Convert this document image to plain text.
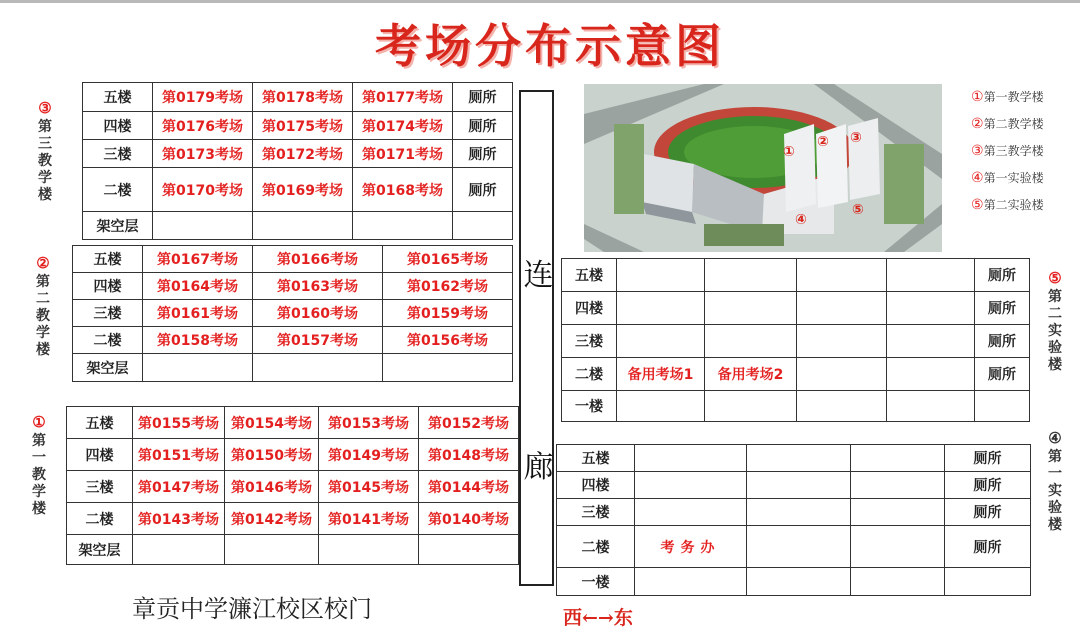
考场分布示意图
③
第
三
教
学
楼
五楼	第0179考场	第0178考场	第0177考场	厕所
四楼	第0176考场	第0175考场	第0174考场	厕所
三楼	第0173考场	第0172考场	第0171考场	厕所
二楼	第0170考场	第0169考场	第0168考场	厕所
架空层				
②
第
二
教
学
楼
五楼	第0167考场	第0166考场	第0165考场
四楼	第0164考场	第0163考场	第0162考场
三楼	第0161考场	第0160考场	第0159考场
二楼	第0158考场	第0157考场	第0156考场
架空层			
①
第
一
教
学
楼
五楼	第0155考场	第0154考场	第0153考场	第0152考场
四楼	第0151考场	第0150考场	第0149考场	第0148考场
三楼	第0147考场	第0146考场	第0145考场	第0144考场
二楼	第0143考场	第0142考场	第0141考场	第0140考场
架空层				
连
廊
①
② ③
④
⑤
①第一教学楼
②第二教学楼
③第三教学楼
④第一实验楼
⑤第二实验楼
五楼					厕所
四楼					厕所
三楼					厕所
二楼	备用考场1	备用考场2			厕所
一楼					
⑤
第
二
实
验
楼
五楼				厕所
四楼				厕所
三楼				厕所
二楼	考务办			厕所
一楼				
④
第
一
实
验
楼
章贡中学濂江校区校门	西←→东
